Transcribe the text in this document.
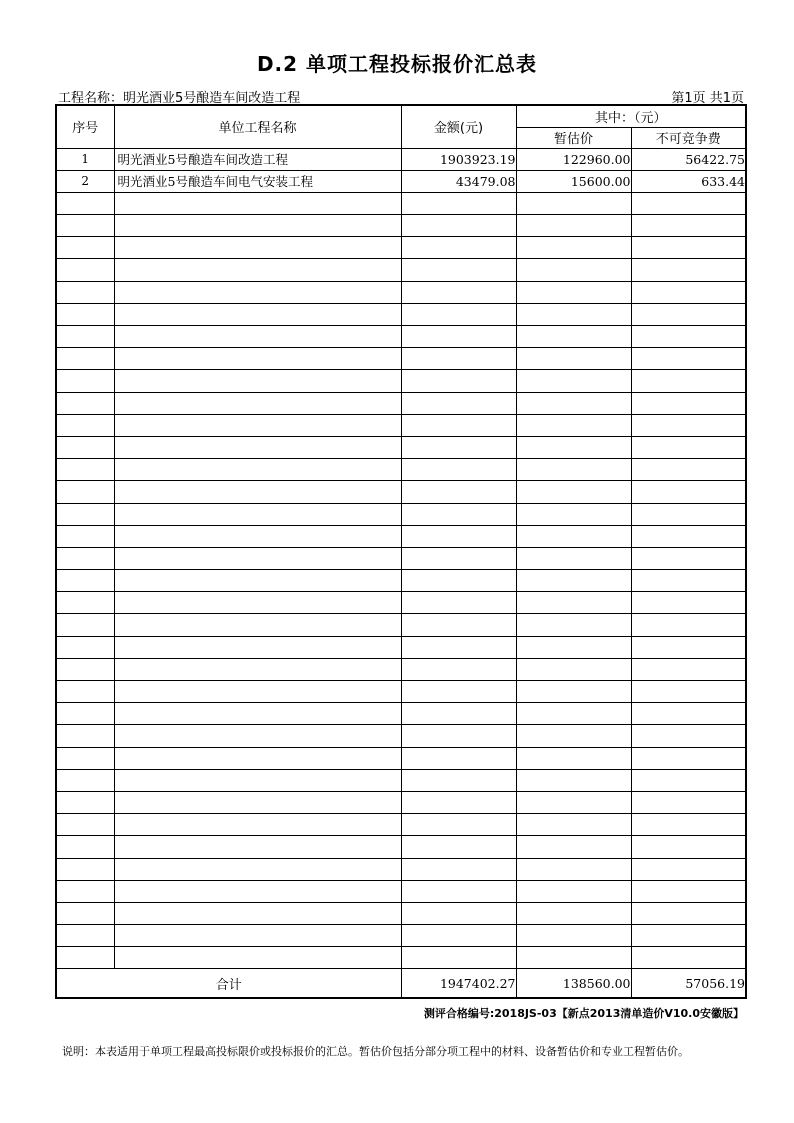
D.2 单项工程投标报价汇总表
工程名称：明光酒业5号酿造车间改造工程	第1页 共1页
序号	单位工程名称	金额(元)	其中：（元）	
			暂估价	不可竞争费
1	明光酒业5号酿造车间改造工程	1903923.19	122960.00	56422.75
2	明光酒业5号酿造车间电气安装工程	43479.08	15600.00	633.44

合计		1947402.27	138560.00	57056.19
测评合格编号:2018JS-03【新点2013清单造价V10.0安徽版】
说明：本表适用于单项工程最高投标限价或投标报价的汇总。暂估价包括分部分项工程中的材料、设备暂估价和专业工程暂估价。
